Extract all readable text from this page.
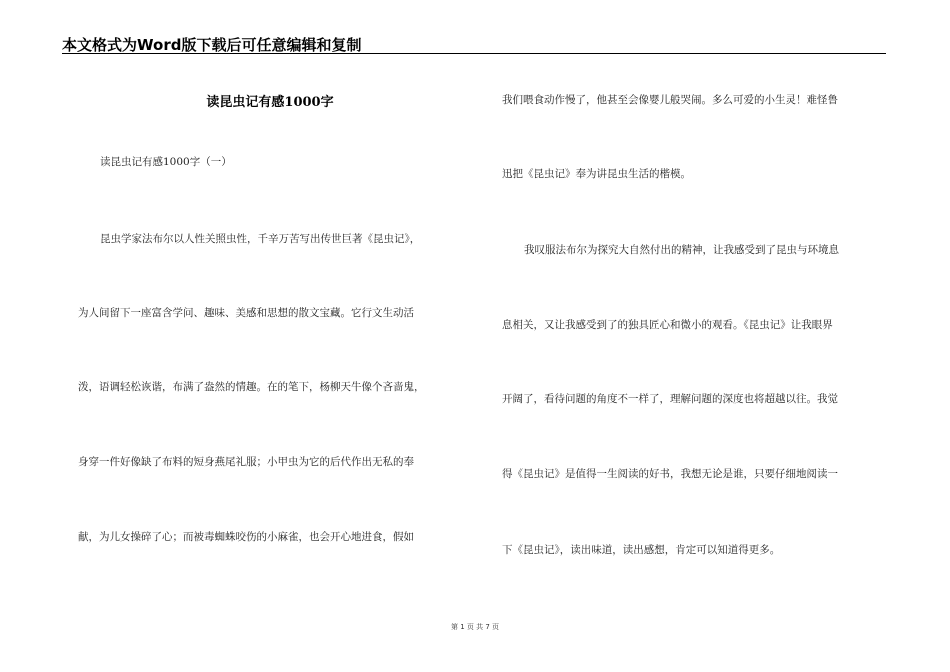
本文格式为Word版下载后可任意编辑和复制
读昆虫记有感1000字
读昆虫记有感1000字（一）
昆虫学家法布尔以人性关照虫性，千辛万苦写出传世巨著《昆虫记》，
为人间留下一座富含学问、趣味、美感和思想的散文宝藏。它行文生动活
泼，语调轻松诙谐，布满了盎然的情趣。在的笔下，杨柳天牛像个吝啬鬼，
身穿一件好像缺了布料的短身燕尾礼服；小甲虫为它的后代作出无私的奉
献，为儿女操碎了心；而被毒蜘蛛咬伤的小麻雀，也会开心地进食，假如
我们喂食动作慢了，他甚至会像婴儿般哭闹。多么可爱的小生灵！难怪鲁
迅把《昆虫记》奉为讲昆虫生活的楷模。
我叹服法布尔为探究大自然付出的精神，让我感受到了昆虫与环境息
息相关，又让我感受到了的独具匠心和微小的观看。《昆虫记》让我眼界
开阔了，看待问题的角度不一样了，理解问题的深度也将超越以往。我觉
得《昆虫记》是值得一生阅读的好书，我想无论是谁，只要仔细地阅读一
下《昆虫记》，读出味道，读出感想，肯定可以知道得更多。
第 1 页 共 7 页
